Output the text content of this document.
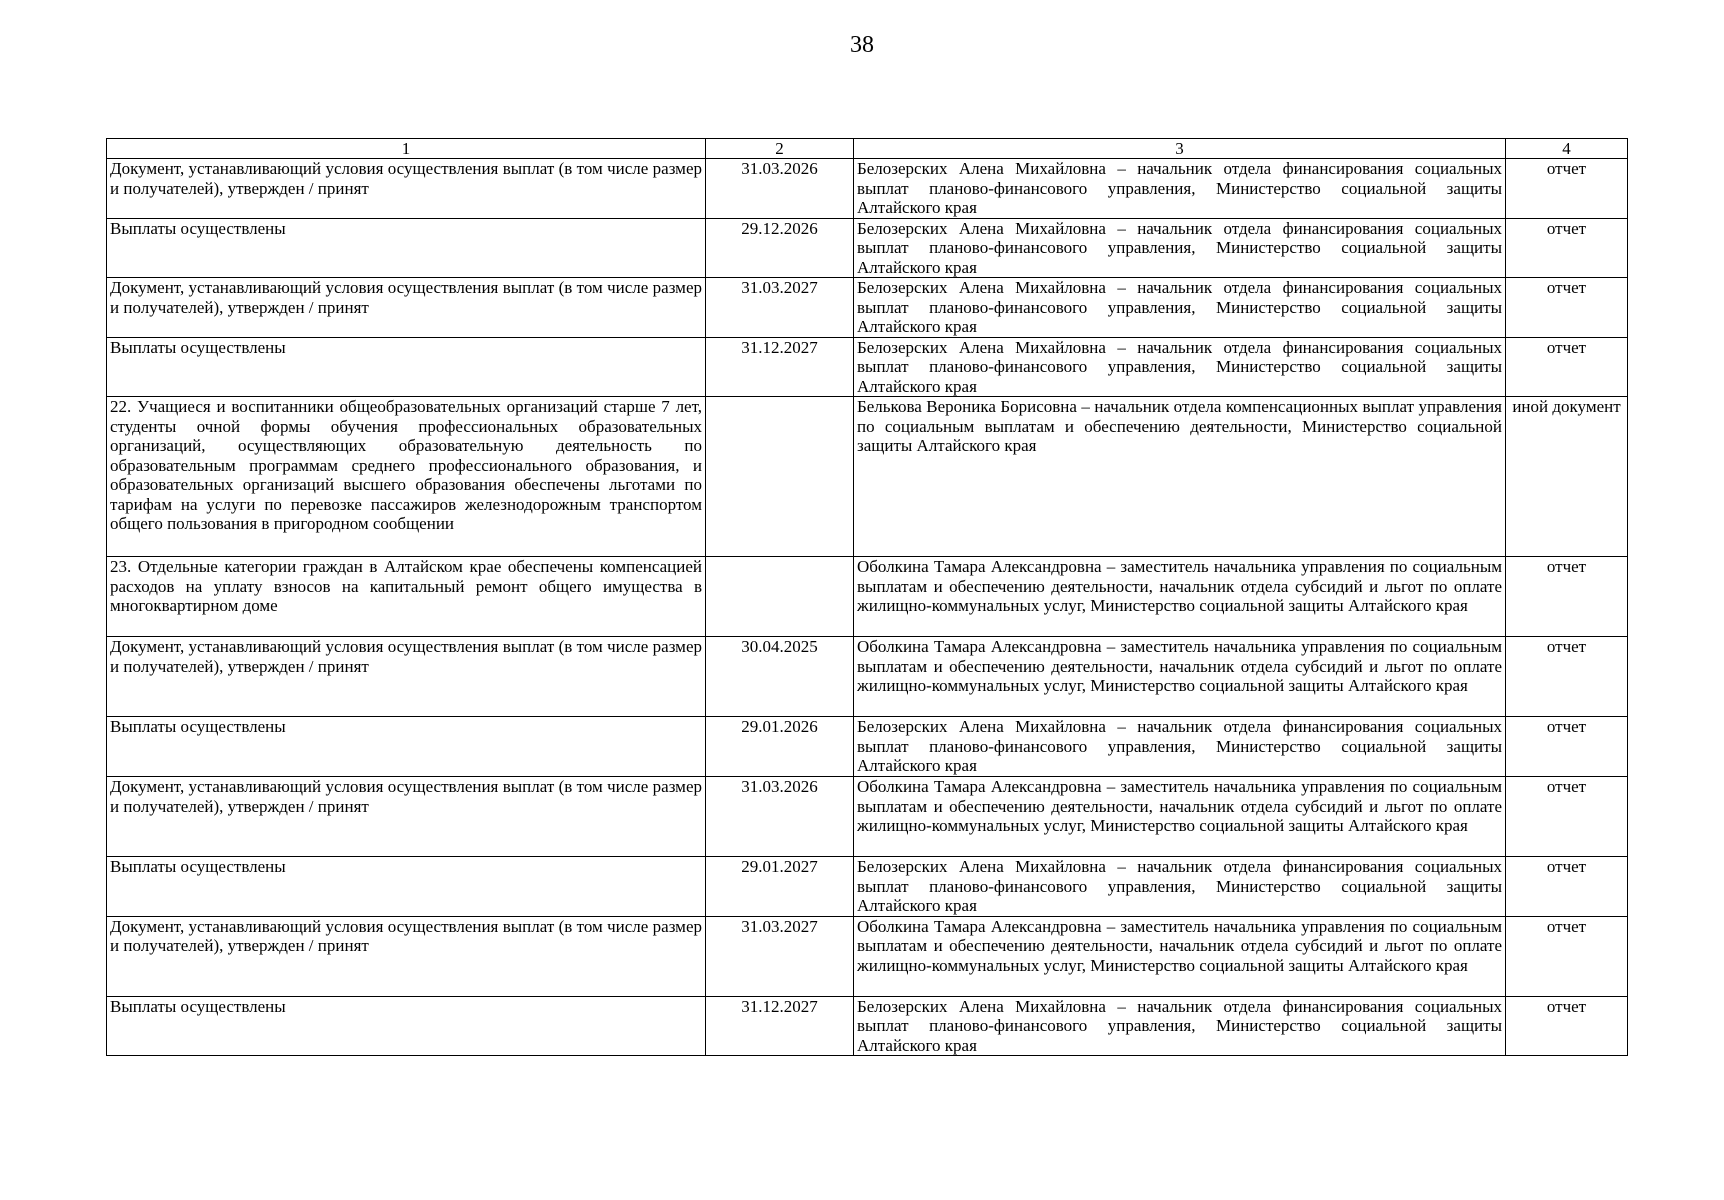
38
1	2	3	4
Документ, устанавливающий условия осуществления выплат (в том числе размер и получателей), утвержден / принят	31.03.2026	Белозерских Алена Михайловна – начальник отдела финансирования социальных выплат планово-финансового управления, Министерство социальной защиты Алтайского края	отчет
Выплаты осуществлены	29.12.2026	Белозерских Алена Михайловна – начальник отдела финансирования социальных выплат планово-финансового управления, Министерство социальной защиты Алтайского края	отчет
Документ, устанавливающий условия осуществления выплат (в том числе размер и получателей), утвержден / принят	31.03.2027	Белозерских Алена Михайловна – начальник отдела финансирования социальных выплат планово-финансового управления, Министерство социальной защиты Алтайского края	отчет
Выплаты осуществлены	31.12.2027	Белозерских Алена Михайловна – начальник отдела финансирования социальных выплат планово-финансового управления, Министерство социальной защиты Алтайского края	отчет
22. Учащиеся и воспитанники общеобразовательных организаций старше 7 лет, студенты очной формы обучения профессиональных образовательных организаций, осуществляющих образовательную деятельность по образовательным программам среднего профессионального образования, и образовательных организаций высшего образования обеспечены льготами по тарифам на услуги по перевозке пассажиров железнодорожным транспортом общего пользования в пригородном сообщении		Белькова Вероника Борисовна – начальник отдела компенсационных выплат управления по социальным выплатам и обеспечению деятельности, Министерство социальной защиты Алтайского края	иной документ
23. Отдельные категории граждан в Алтайском крае обеспечены компенсацией расходов на уплату взносов на капитальный ремонт общего имущества в многоквартирном доме		Оболкина Тамара Александровна – заместитель начальника управления по социальным выплатам и обеспечению деятельности, начальник отдела субсидий и льгот по оплате жилищно-коммунальных услуг, Министерство социальной защиты Алтайского края	отчет
Документ, устанавливающий условия осуществления выплат (в том числе размер и получателей), утвержден / принят	30.04.2025	Оболкина Тамара Александровна – заместитель начальника управления по социальным выплатам и обеспечению деятельности, начальник отдела субсидий и льгот по оплате жилищно-коммунальных услуг, Министерство социальной защиты Алтайского края	отчет
Выплаты осуществлены	29.01.2026	Белозерских Алена Михайловна – начальник отдела финансирования социальных выплат планово-финансового управления, Министерство социальной защиты Алтайского края	отчет
Документ, устанавливающий условия осуществления выплат (в том числе размер и получателей), утвержден / принят	31.03.2026	Оболкина Тамара Александровна – заместитель начальника управления по социальным выплатам и обеспечению деятельности, начальник отдела субсидий и льгот по оплате жилищно-коммунальных услуг, Министерство социальной защиты Алтайского края	отчет
Выплаты осуществлены	29.01.2027	Белозерских Алена Михайловна – начальник отдела финансирования социальных выплат планово-финансового управления, Министерство социальной защиты Алтайского края	отчет
Документ, устанавливающий условия осуществления выплат (в том числе размер и получателей), утвержден / принят	31.03.2027	Оболкина Тамара Александровна – заместитель начальника управления по социальным выплатам и обеспечению деятельности, начальник отдела субсидий и льгот по оплате жилищно-коммунальных услуг, Министерство социальной защиты Алтайского края	отчет
Выплаты осуществлены	31.12.2027	Белозерских Алена Михайловна – начальник отдела финансирования социальных выплат планово-финансового управления, Министерство социальной защиты Алтайского края	отчет
